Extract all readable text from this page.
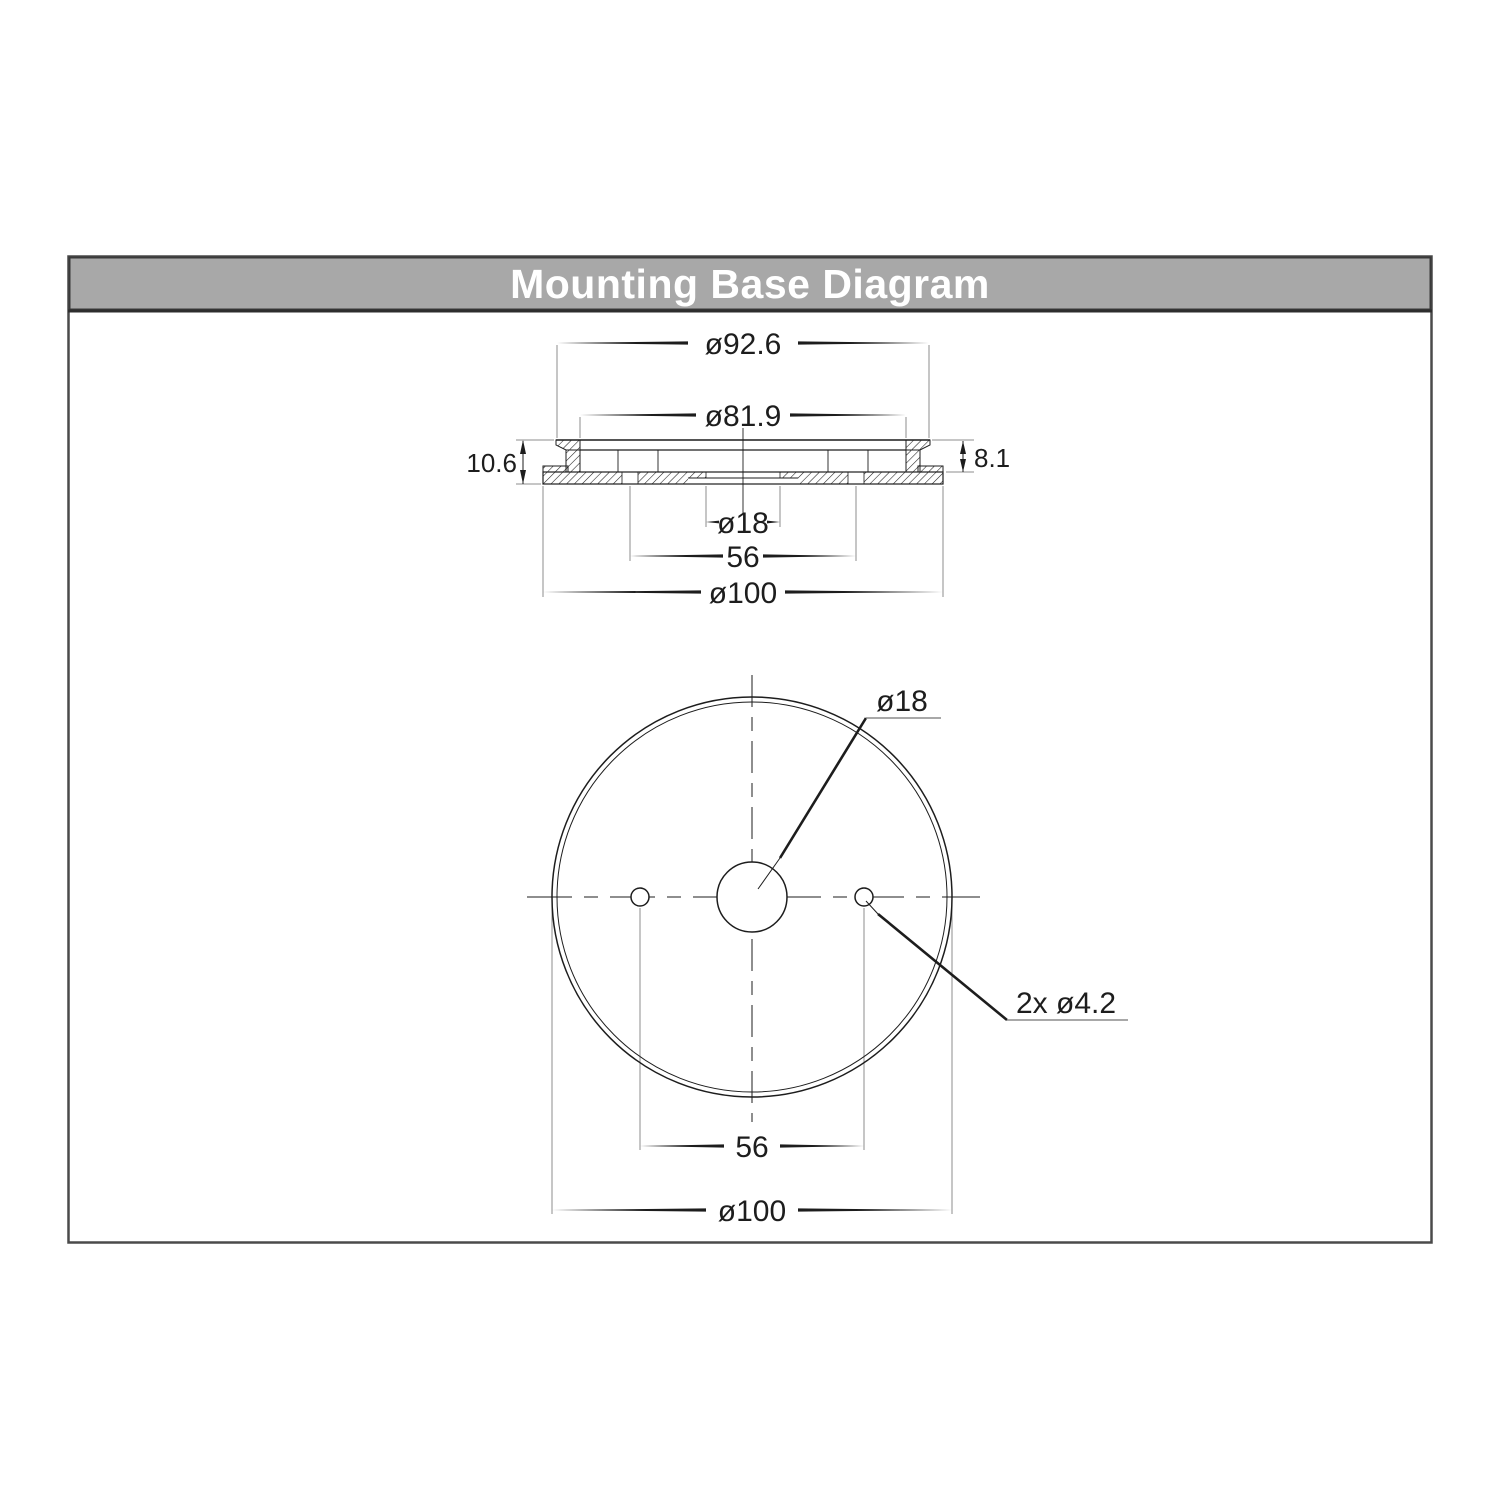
Mounting Base Diagram
ø92.6
ø81.9
10.6	8.1
ø18
56
ø100
ø18
2x ø4.2
56
ø100
